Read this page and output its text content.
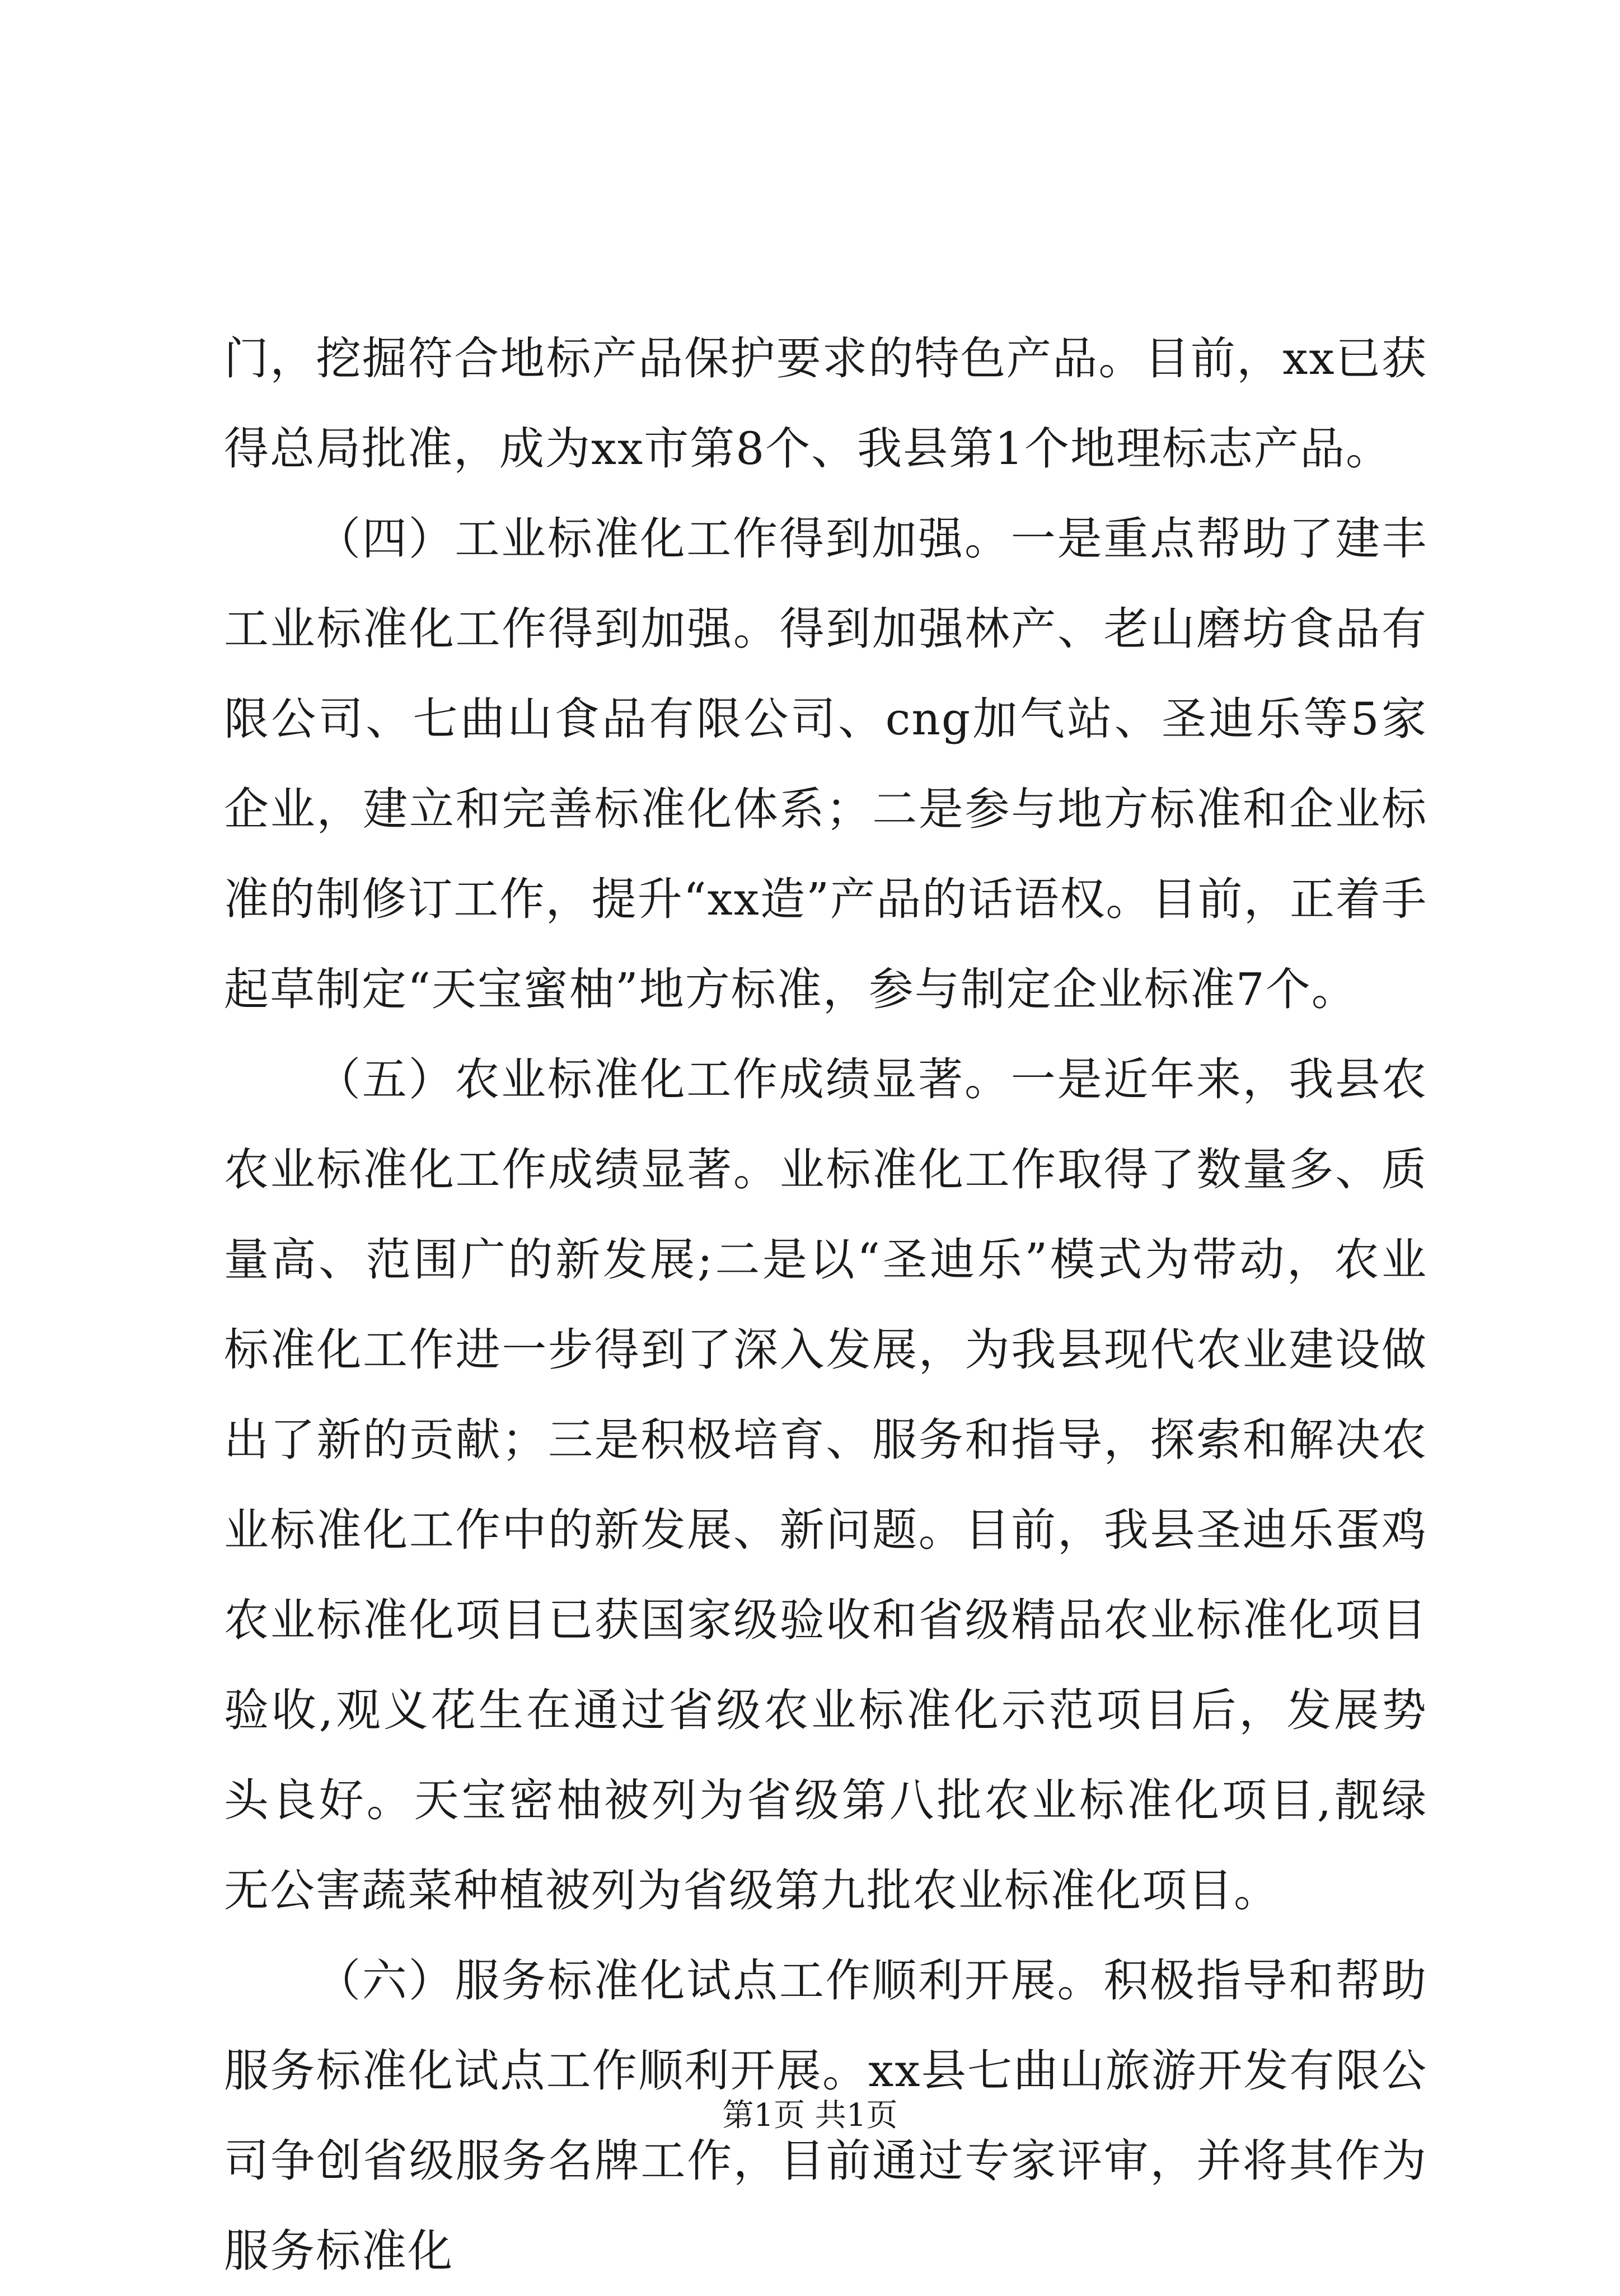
门，挖掘符合地标产品保护要求的特色产品。目前，xx已获得总局批准，成为xx市第8个、我县第1个地理标志产品。

（四）工业标准化工作得到加强。一是重点帮助了建丰工业标准化工作得到加强。得到加强林产、老山磨坊食品有限公司、七曲山食品有限公司、cng加气站、圣迪乐等5家企业，建立和完善标准化体系；二是参与地方标准和企业标准的制修订工作，提升“xx造”产品的话语权。目前，正着手起草制定“天宝蜜柚”地方标准，参与制定企业标准7个。

（五）农业标准化工作成绩显著。一是近年来，我县农农业标准化工作成绩显著。业标准化工作取得了数量多、质量高、范围广的新发展;二是以“圣迪乐”模式为带动，农业标准化工作进一步得到了深入发展，为我县现代农业建设做出了新的贡献；三是积极培育、服务和指导，探索和解决农业标准化工作中的新发展、新问题。目前，我县圣迪乐蛋鸡农业标准化项目已获国家级验收和省级精品农业标准化项目验收,观义花生在通过省级农业标准化示范项目后，发展势头良好。天宝密柚被列为省级第八批农业标准化项目,靓绿无公害蔬菜种植被列为省级第九批农业标准化项目。

（六）服务标准化试点工作顺利开展。积极指导和帮助服务标准化试点工作顺利开展。xx县七曲山旅游开发有限公司争创省级服务名牌工作，目前通过专家评审，并将其作为服务标准化

第1页 共1页
